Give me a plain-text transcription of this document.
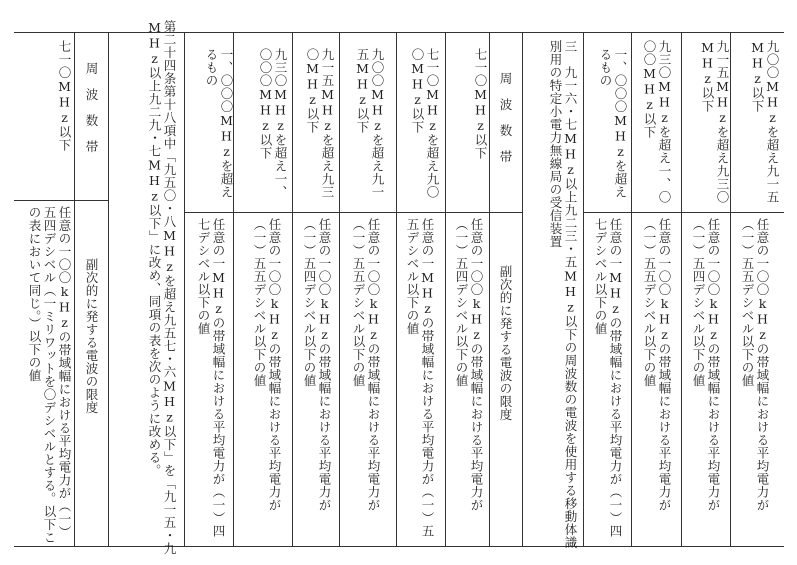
九〇〇MHzを超え九一五MHz以下
任意の一〇〇kHzの帯域幅における平均電力が（一）五五デシベル以下の値
九一五MHzを超え九三〇MHz以下
任意の一〇〇kHzの帯域幅における平均電力が（一）五四デシベル以下の値
九三〇MHzを超え一、〇〇〇MHz以下
任意の一〇〇kHzの帯域幅における平均電力が（一）五五デシベル以下の値
一、〇〇〇MHzを超えるもの
任意の一MHzの帯域幅における平均電力が（一）四七デシベル以下の値
三　九一六・七MHz以上九二三・五MHz以下の周波数の電波を使用する移動体識別用の特定小電力無線局の受信装置
周　波　数　帯
副次的に発する電波の限度
七一〇MHz以下
任意の一〇〇kHzの帯域幅における平均電力が（一）五四デシベル以下の値
七一〇MHzを超え九〇〇MHz以下
任意の一MHzの帯域幅における平均電力が（一）五五デシベル以下の値
九〇〇MHzを超え九一五MHz以下
任意の一〇〇kHzの帯域幅における平均電力が（一）五五デシベル以下の値
九一五MHzを超え九三〇MHz以下
任意の一〇〇kHzの帯域幅における平均電力が（一）五四デシベル以下の値
九三〇MHzを超え一、〇〇〇MHz以下
任意の一〇〇kHzの帯域幅における平均電力が（一）五五デシベル以下の値
一、〇〇〇MHzを超えるもの
任意の一MHzの帯域幅における平均電力が（一）四七デシベル以下の値
第二十四条第十八項中「九五〇・八MHzを超え九五七・六MHz以下」を「九一五・九MHz以上九二九・七MHz以下」に改め、同項の表を次のように改める。
周　波　数　帯
副次的に発する電波の限度
七一〇MHz以下
任意の一〇〇kHzの帯域幅における平均電力が（一）五四デシベル（一ミリワットを〇デシベルとする。以下この表において同じ。）以下の値
